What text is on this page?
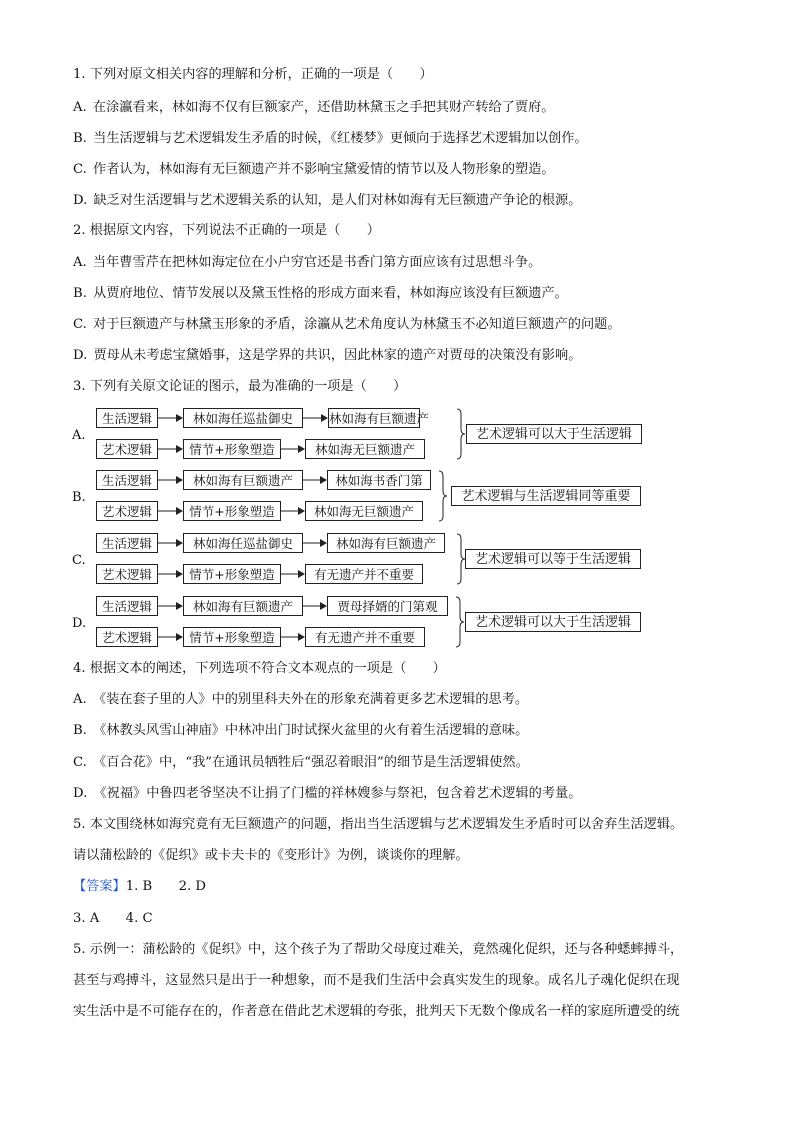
1. 下列对原文相关内容的理解和分析，正确的一项是（　　）
A. 在涂瀛看来，林如海不仅有巨额家产，还借助林黛玉之手把其财产转给了贾府。
B. 当生活逻辑与艺术逻辑发生矛盾的时候，《红楼梦》更倾向于选择艺术逻辑加以创作。
C. 作者认为，林如海有无巨额遗产并不影响宝黛爱情的情节以及人物形象的塑造。
D. 缺乏对生活逻辑与艺术逻辑关系的认知，是人们对林如海有无巨额遗产争论的根源。
2. 根据原文内容，下列说法不正确的一项是（　　）
A. 当年曹雪芹在把林如海定位在小户穷官还是书香门第方面应该有过思想斗争。
B. 从贾府地位、情节发展以及黛玉性格的形成方面来看，林如海应该没有巨额遗产。
C. 对于巨额遗产与林黛玉形象的矛盾，涂瀛从艺术角度认为林黛玉不必知道巨额遗产的问题。
D. 贾母从未考虑宝黛婚事，这是学界的共识，因此林家的遗产对贾母的决策没有影响。
3. 下列有关原文论证的图示，最为准确的一项是（　　）
A.
生活逻辑	林如海任巡盐御史	林如海有巨额遗产
艺术逻辑	情节+形象塑造	林如海无巨额遗产
艺术逻辑可以大于生活逻辑
B.
生活逻辑	林如海有巨额遗产	林如海书香门第
艺术逻辑	情节+形象塑造	林如海无巨额遗产
艺术逻辑与生活逻辑同等重要
C.
生活逻辑	林如海任巡盐御史	林如海有巨额遗产
艺术逻辑	情节+形象塑造	有无遗产并不重要
艺术逻辑可以等于生活逻辑
D.
生活逻辑	林如海有巨额遗产	贾母择婿的门第观
艺术逻辑	情节+形象塑造	有无遗产并不重要
艺术逻辑可以大于生活逻辑
4. 根据文本的阐述，下列选项不符合文本观点的一项是（　　）
A. 《装在套子里的人》中的别里科夫外在的形象充满着更多艺术逻辑的思考。
B. 《林教头风雪山神庙》中林冲出门时试探火盆里的火有着生活逻辑的意味。
C. 《百合花》中，“我”在通讯员牺牲后“强忍着眼泪”的细节是生活逻辑使然。
D. 《祝福》中鲁四老爷坚决不让捐了门槛的祥林嫂参与祭祀，包含着艺术逻辑的考量。
5. 本文围绕林如海究竟有无巨额遗产的问题，指出当生活逻辑与艺术逻辑发生矛盾时可以舍弃生活逻辑。
请以蒲松龄的《促织》或卡夫卡的《变形计》为例，谈谈你的理解。
【答案】1. B　　2. D
3. A　　4. C
5. 示例一：蒲松龄的《促织》中，这个孩子为了帮助父母度过难关，竟然魂化促织，还与各种蟋蟀搏斗，
甚至与鸡搏斗，这显然只是出于一种想象，而不是我们生活中会真实发生的现象。成名儿子魂化促织在现
实生活中是不可能存在的，作者意在借此艺术逻辑的夸张，批判天下无数个像成名一样的家庭所遭受的统
